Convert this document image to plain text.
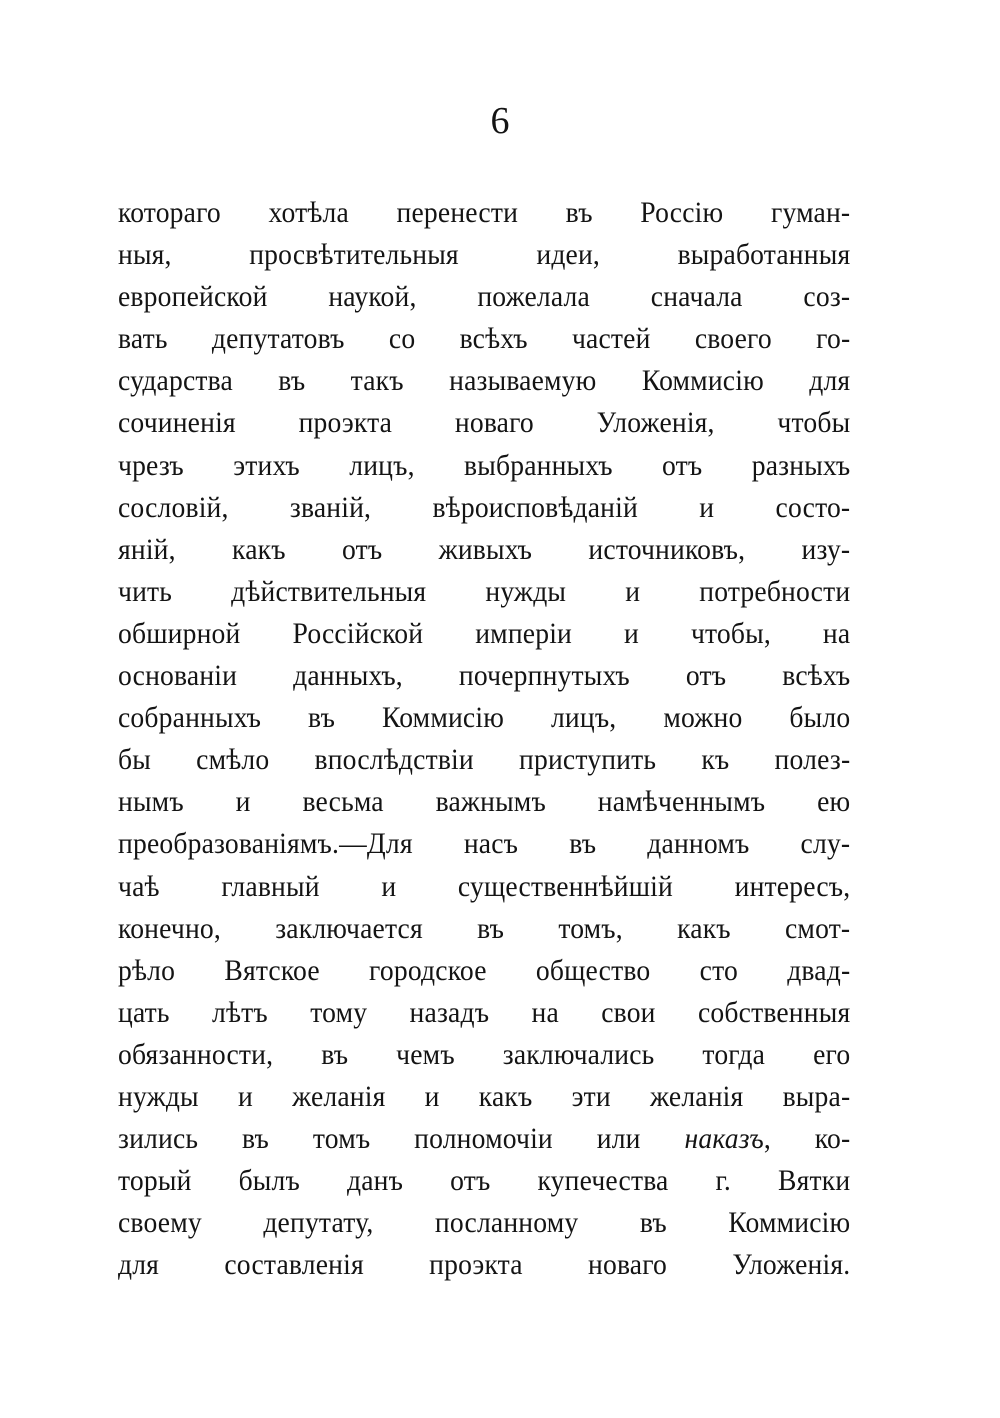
6
котораго хотѣла перенести въ Россію гуман-
ныя, просвѣтительныя идеи, выработанныя
европейской наукой, пожелала сначала соз-
вать депутатовъ со всѣхъ частей своего го-
сударства въ такъ называемую Коммисію для
сочиненія проэкта новаго Уложенія, чтобы
чрезъ этихъ лицъ, выбранныхъ отъ разныхъ
сословій, званій, вѣроисповѣданій и состо-
яній, какъ отъ живыхъ источниковъ, изу-
чить дѣйствительныя нужды и потребности
обширной Россійской имперіи и чтобы, на
основаніи данныхъ, почерпнутыхъ отъ всѣхъ
собранныхъ въ Коммисію лицъ, можно было
бы смѣло впослѣдствіи приступить къ полез-
нымъ и весьма важнымъ намѣченнымъ ею
преобразованіямъ.—Для насъ въ данномъ слу-
чаѣ главный и существеннѣйшій интересъ,
конечно, заключается въ томъ, какъ смот-
рѣло Вятское городское общество сто двад-
цать лѣтъ тому назадъ на свои собственныя
обязанности, въ чемъ заключались тогда его
нужды и желанія и какъ эти желанія выра-
зились въ томъ полномочіи или наказъ, ко-
торый былъ данъ отъ купечества г. Вятки
своему депутату, посланному въ Коммисію
для составленія проэкта новаго Уложенія.
